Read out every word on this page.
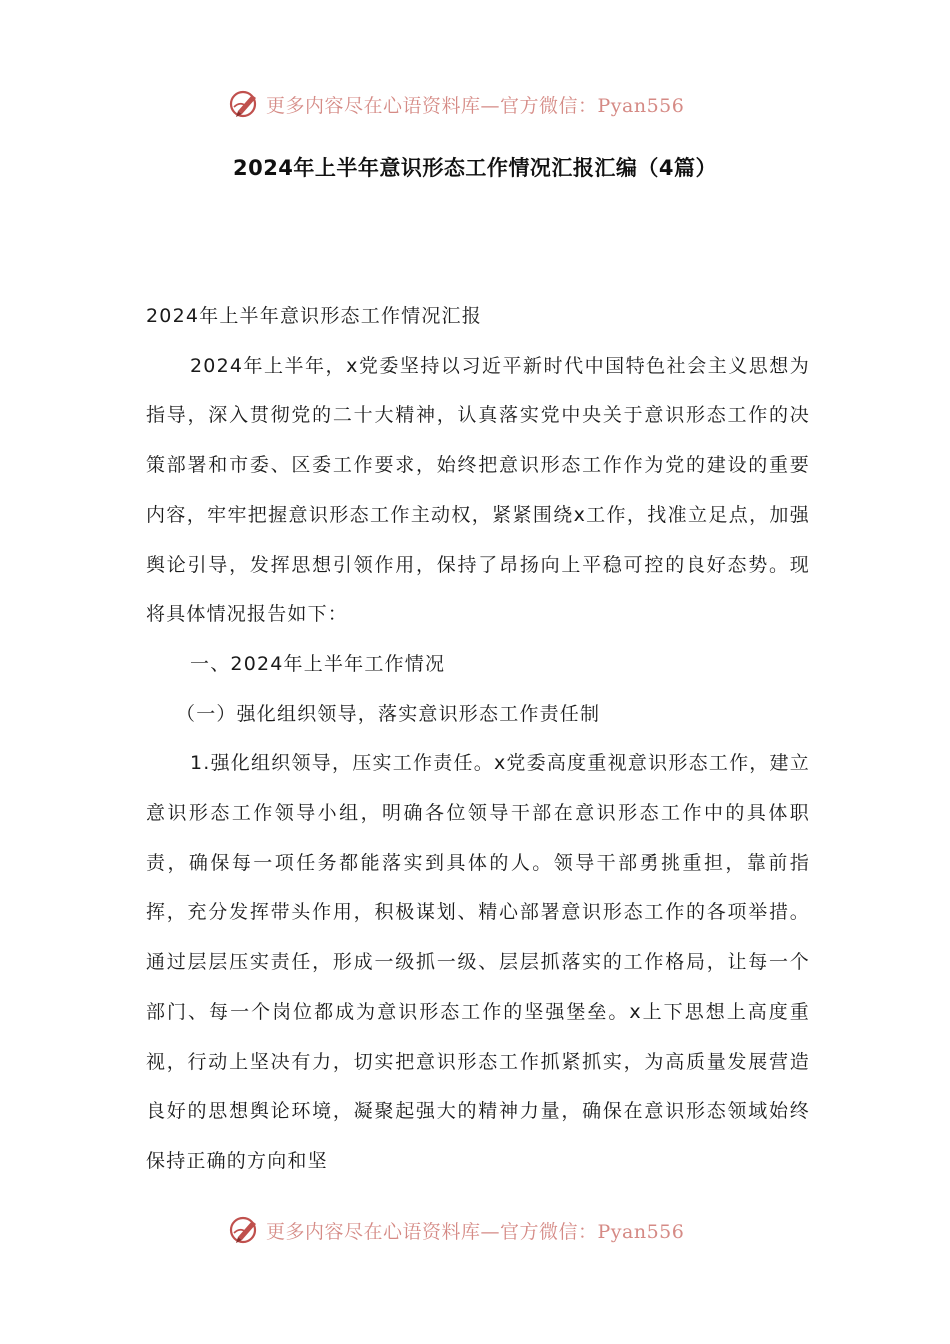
更多内容尽在心语资料库—官方微信：Pyan556
2024年上半年意识形态工作情况汇报汇编（4篇）

2024年上半年意识形态工作情况汇报

2024年上半年，x党委坚持以习近平新时代中国特色社会主义思想为指导，深入贯彻党的二十大精神，认真落实党中央关于意识形态工作的决策部署和市委、区委工作要求，始终把意识形态工作作为党的建设的重要内容，牢牢把握意识形态工作主动权，紧紧围绕x工作，找准立足点，加强舆论引导，发挥思想引领作用，保持了昂扬向上平稳可控的良好态势。现将具体情况报告如下：

一、2024年上半年工作情况

（一）强化组织领导，落实意识形态工作责任制

1.强化组织领导，压实工作责任。x党委高度重视意识形态工作，建立意识形态工作领导小组，明确各位领导干部在意识形态工作中的具体职责，确保每一项任务都能落实到具体的人。领导干部勇挑重担，靠前指挥，充分发挥带头作用，积极谋划、精心部署意识形态工作的各项举措。通过层层压实责任，形成一级抓一级、层层抓落实的工作格局，让每一个部门、每一个岗位都成为意识形态工作的坚强堡垒。x上下思想上高度重视，行动上坚决有力，切实把意识形态工作抓紧抓实，为高质量发展营造良好的思想舆论环境，凝聚起强大的精神力量，确保在意识形态领域始终保持正确的方向和坚

更多内容尽在心语资料库—官方微信：Pyan556
